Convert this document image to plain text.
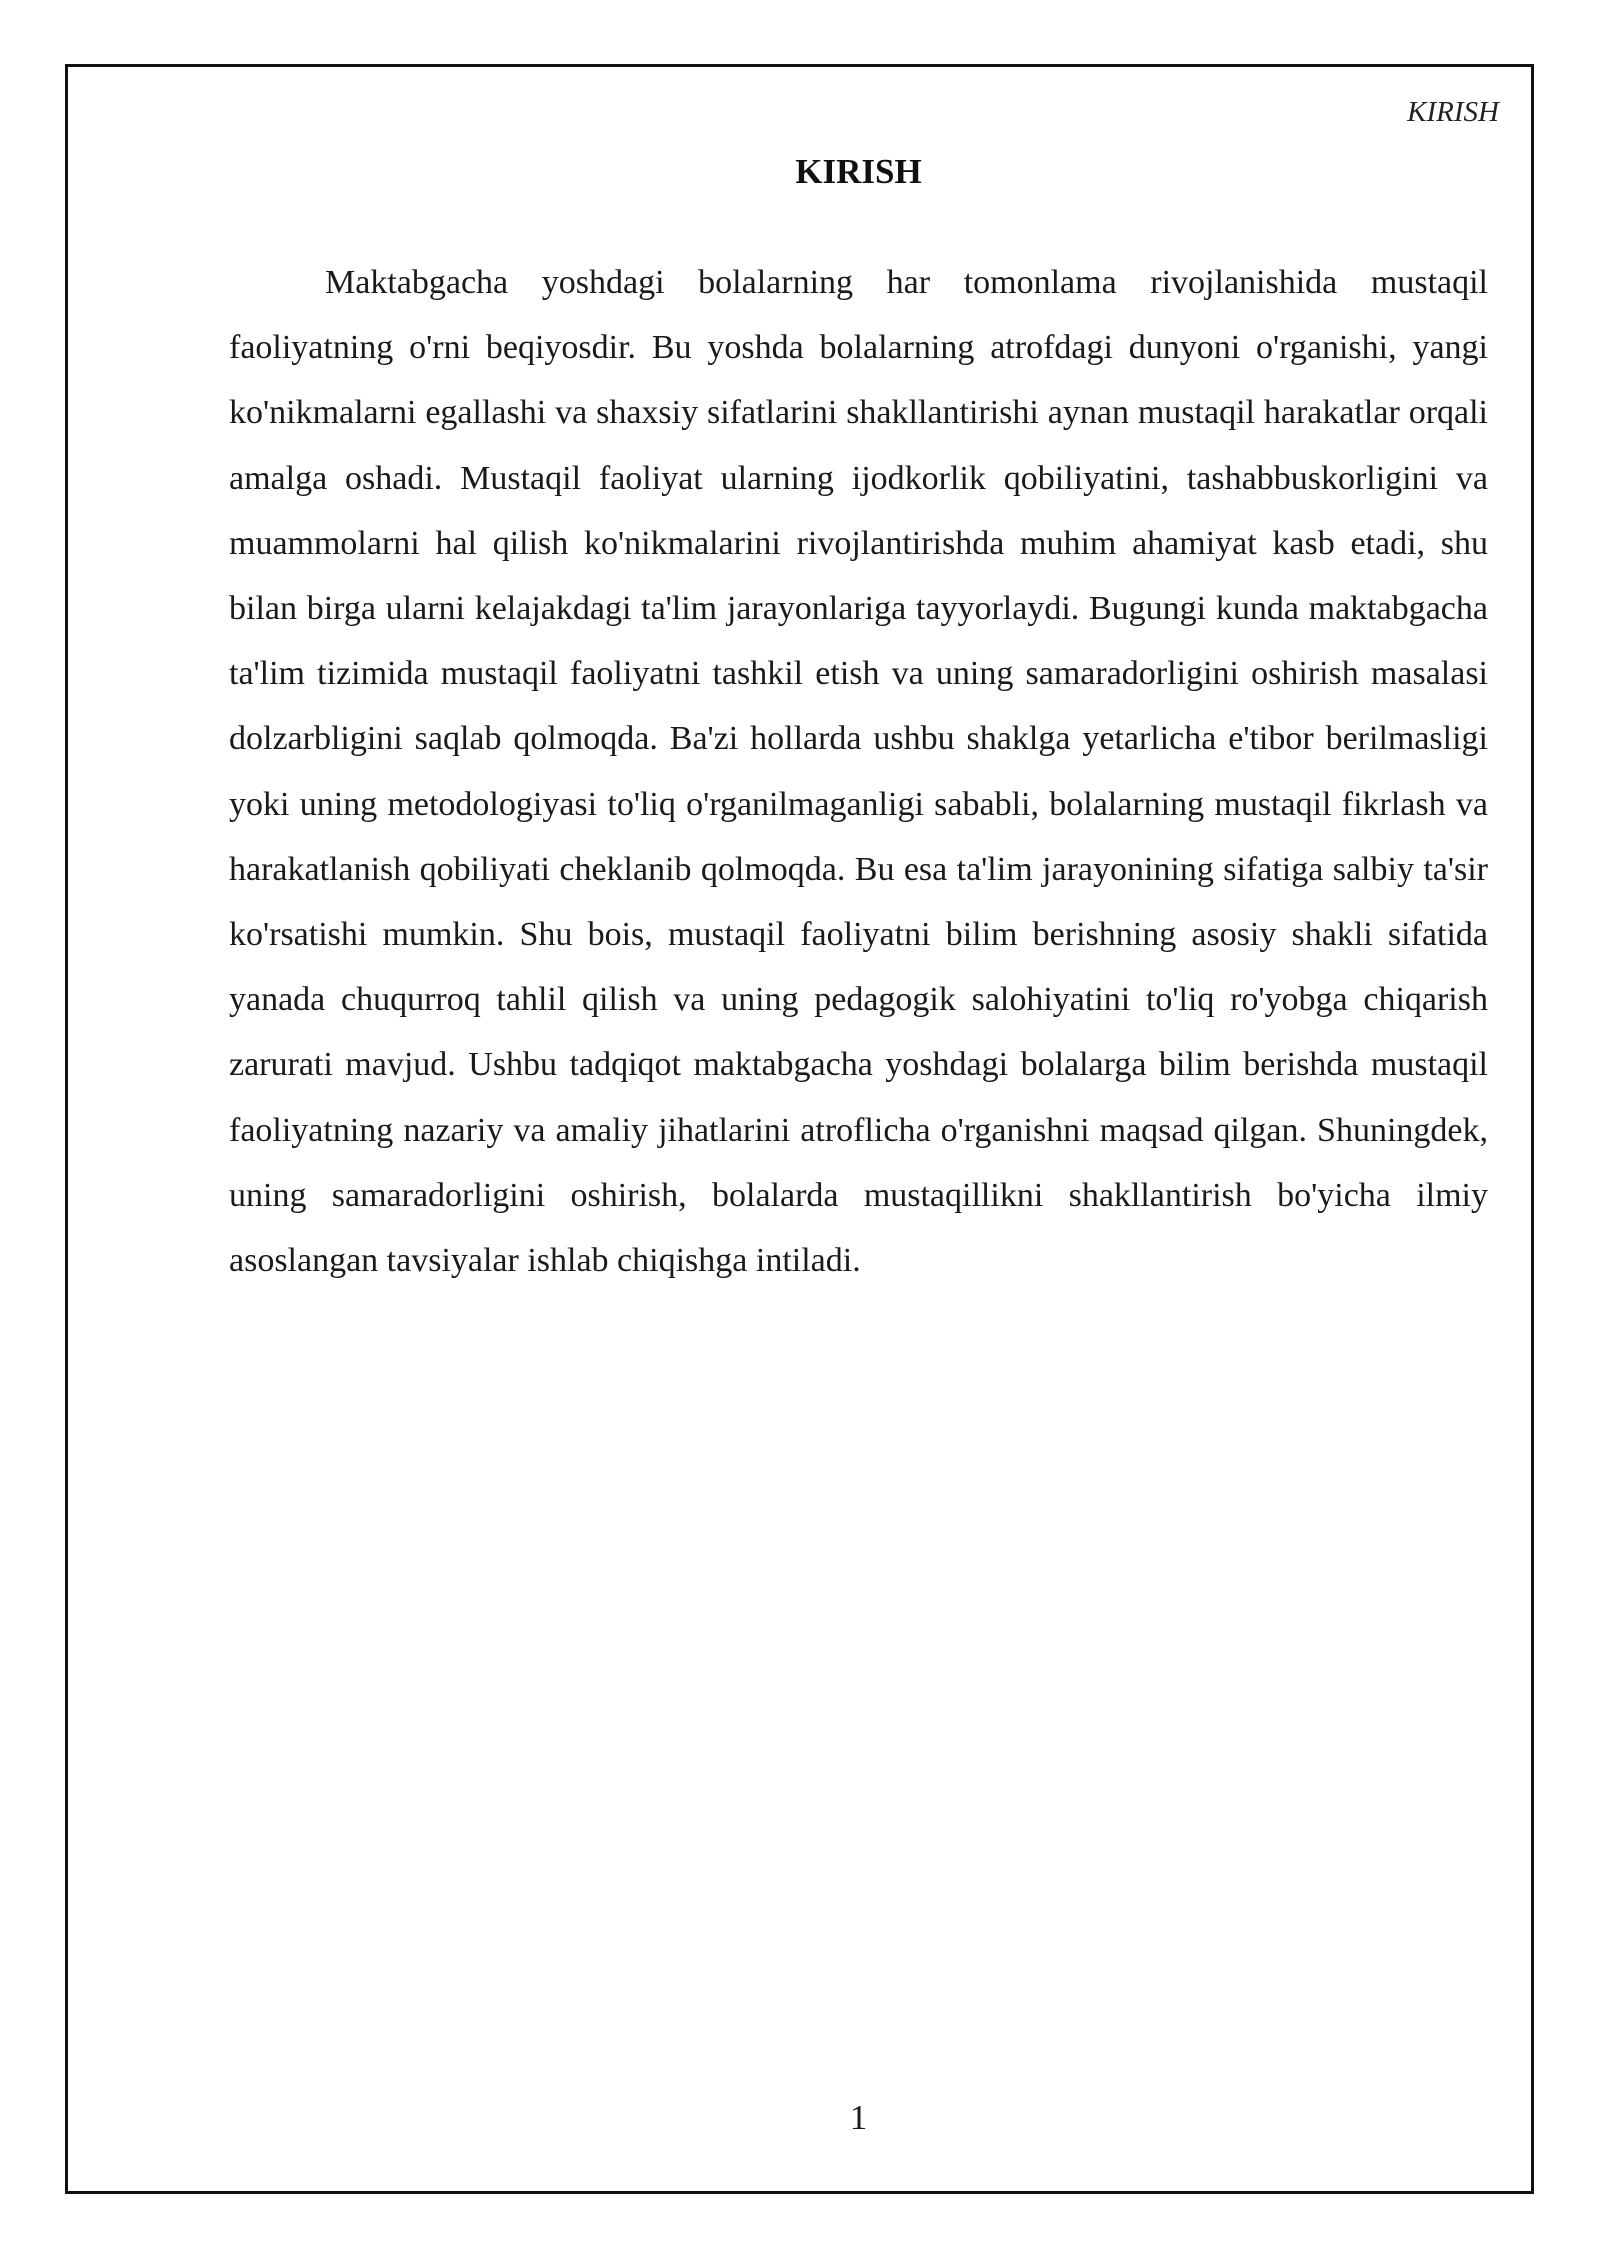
KIRISH

KIRISH

Maktabgacha yoshdagi bolalarning har tomonlama rivojlanishida mustaqil faoliyatning o'rni beqiyosdir. Bu yoshda bolalarning atrofdagi dunyoni o'rganishi, yangi ko'nikmalarni egallashi va shaxsiy sifatlarini shakllantirishi aynan mustaqil harakatlar orqali amalga oshadi. Mustaqil faoliyat ularning ijodkorlik qobiliyatini, tashabbuskorligini va muammolarni hal qilish ko'nikmalarini rivojlantirishda muhim ahamiyat kasb etadi, shu bilan birga ularni kelajakdagi ta'lim jarayonlariga tayyorlaydi. Bugungi kunda maktabgacha ta'lim tizimida mustaqil faoliyatni tashkil etish va uning samaradorligini oshirish masalasi dolzarbligini saqlab qolmoqda. Ba'zi hollarda ushbu shaklga yetarlicha e'tibor berilmasligi yoki uning metodologiyasi to'liq o'rganilmaganligi sababli, bolalarning mustaqil fikrlash va harakatlanish qobiliyati cheklanib qolmoqda. Bu esa ta'lim jarayonining sifatiga salbiy ta'sir ko'rsatishi mumkin. Shu bois, mustaqil faoliyatni bilim berishning asosiy shakli sifatida yanada chuqurroq tahlil qilish va uning pedagogik salohiyatini to'liq ro'yobga chiqarish zarurati mavjud. Ushbu tadqiqot maktabgacha yoshdagi bolalarga bilim berishda mustaqil faoliyatning nazariy va amaliy jihatlarini atroflicha o'rganishni maqsad qilgan. Shuningdek, uning samaradorligini oshirish, bolalarda mustaqillikni shakllantirish bo'yicha ilmiy asoslangan tavsiyalar ishlab chiqishga intiladi.

1
